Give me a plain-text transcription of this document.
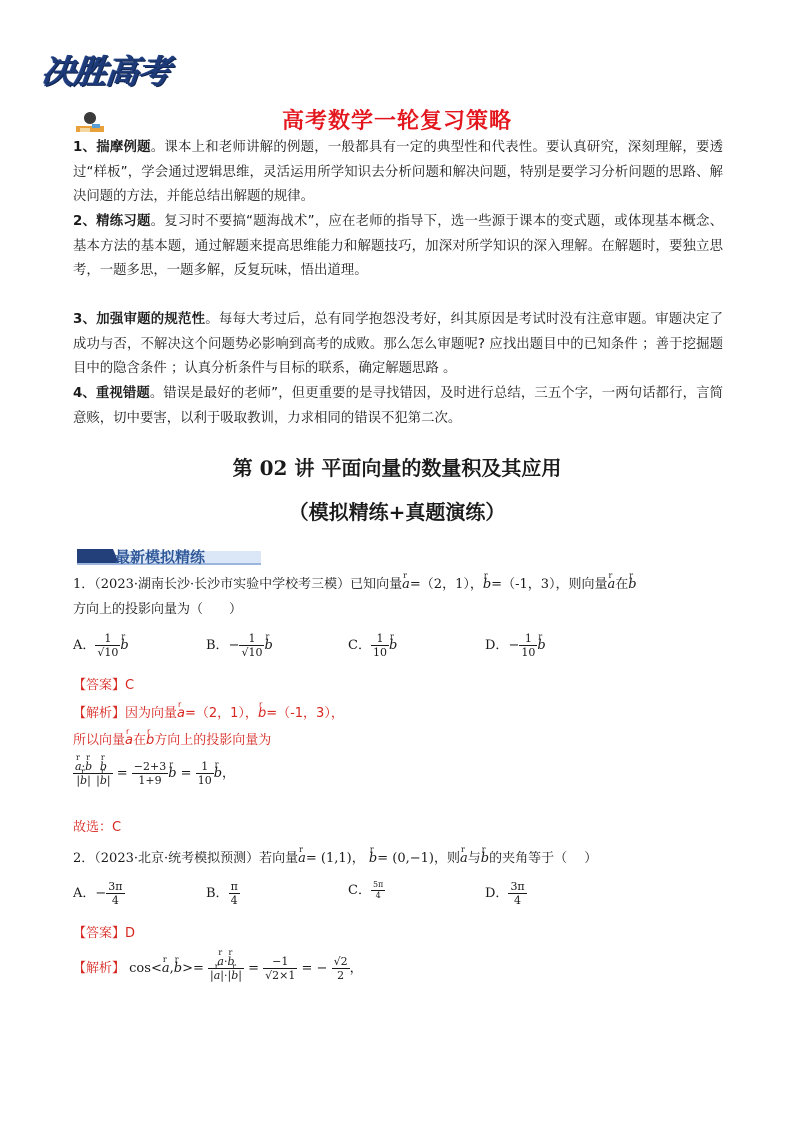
决胜高考
高考数学一轮复习策略
1、揣摩例题。课本上和老师讲解的例题，一般都具有一定的典型性和代表性。要认真研究，深刻理解，要透过“样板”，学会通过逻辑思维，灵活运用所学知识去分析问题和解决问题，特别是要学习分析问题的思路、解决问题的方法，并能总结出解题的规律。
2、精练习题。复习时不要搞“题海战术”，应在老师的指导下，选一些源于课本的变式题，或体现基本概念、基本方法的基本题，通过解题来提高思维能力和解题技巧，加深对所学知识的深入理解。在解题时，要独立思考，一题多思，一题多解，反复玩味，悟出道理。
3、加强审题的规范性。每每大考过后，总有同学抱怨没考好，纠其原因是考试时没有注意审题。审题决定了成功与否，不解决这个问题势必影响到高考的成败。那么怎么审题呢? 应找出题目中的已知条件 ；善于挖掘题目中的隐含条件 ；认真分析条件与目标的联系，确定解题思路 。
4、重视错题。错误是最好的老师”，但更重要的是寻找错因，及时进行总结，三五个字，一两句话都行，言简意赅，切中要害，以利于吸取教训，力求相同的错误不犯第二次。
第 02 讲 平面向量的数量积及其应用
（模拟精练+真题演练）
最新模拟精练
1．（2023·湖南长沙·长沙市实验中学校考三模）已知向量r a=（2，1），r b=（-1，3），则向量r a在r b
方向上的投影向量为（　　）
A． $\frac{1}{√10}$ r b	B．− $\frac{1}{√10}$ r b	C． $\frac{1}{10}$ r b	D．− $\frac{1}{10}$ r b
【答案】C
【解析】因为向量r a=（2，1），r b=（-1，3），
所以向量r a在r b方向上的投影向量为
r $\frac{\text{a·r b}}{\text{|r b|}}$ r $\frac{b}{\text{|r b|}} = \frac{-2+3}{1+9}$ r $b = \frac{1}{10}$ r b，
故选：C
2．（2023·北京·统考模拟预测）若向量r a= (1,1)， r b= (0,−1)，则r a与r b的夹角等于（　 ）
A．− $\frac{3\pi}{4}$	B． $\frac{\pi}{4}$	C． $\frac{5\pi}{4}$	D． $\frac{3\pi}{4}$
【答案】D
【解析】 cos<r a,r b>= r $\frac{\text{a·r b}}{\text{|r a|·|r b|}} = \frac{-1}{√2\times 1}$ = − $\frac{√2}{2}$ ，
